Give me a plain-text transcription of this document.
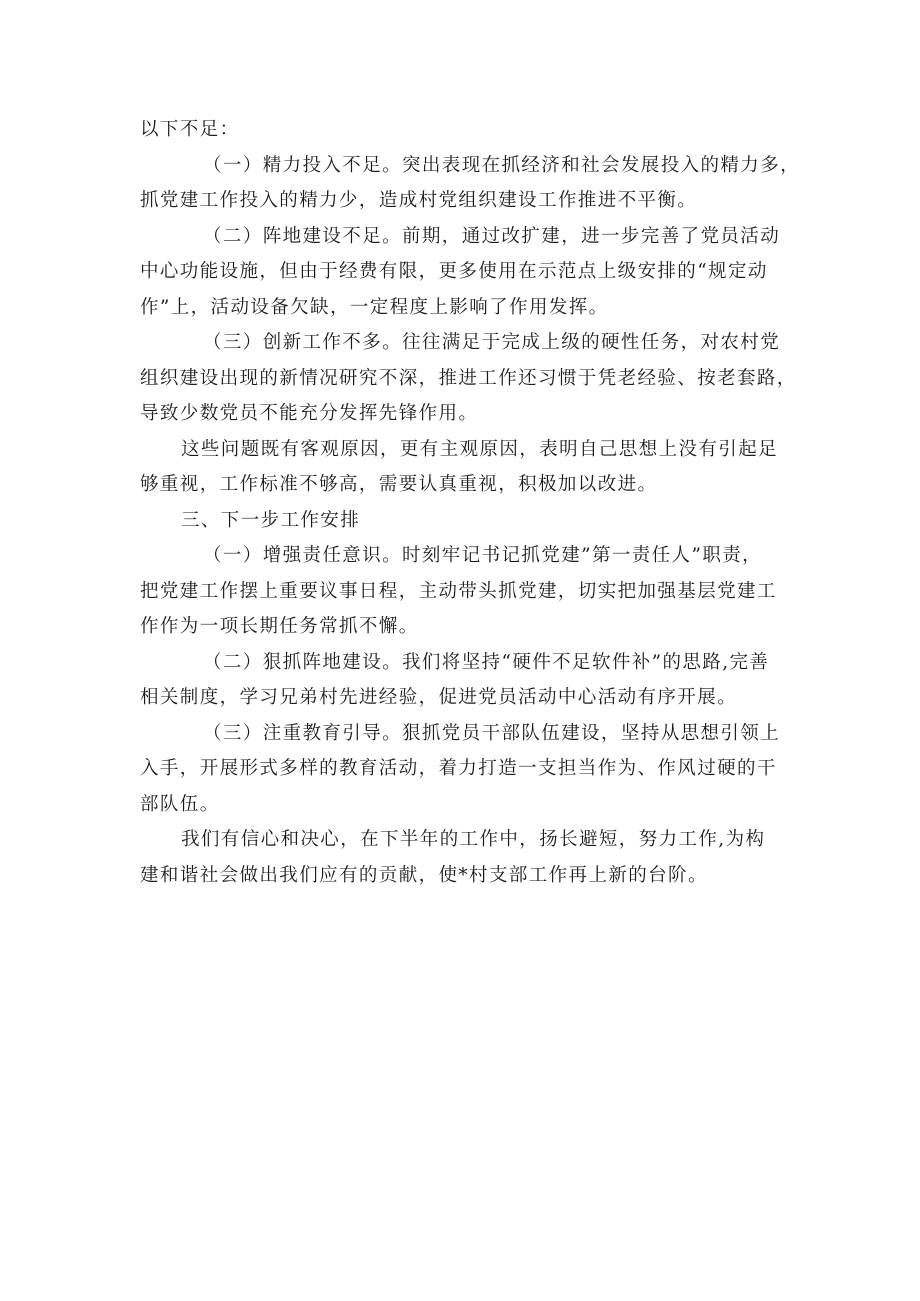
以下不足：
（一）精力投入不足。突出表现在抓经济和社会发展投入的精力多，
抓党建工作投入的精力少，造成村党组织建设工作推进不平衡。
（二）阵地建设不足。前期，通过改扩建，进一步完善了党员活动
中心功能设施，但由于经费有限，更多使用在示范点上级安排的“规定动
作”上，活动设备欠缺，一定程度上影响了作用发挥。
（三）创新工作不多。往往满足于完成上级的硬性任务，对农村党
组织建设出现的新情况研究不深，推进工作还习惯于凭老经验、按老套路，
导致少数党员不能充分发挥先锋作用。
这些问题既有客观原因，更有主观原因，表明自己思想上没有引起足
够重视，工作标准不够高，需要认真重视，积极加以改进。
三、下一步工作安排
（一）增强责任意识。时刻牢记书记抓党建”第一责任人”职责，
把党建工作摆上重要议事日程，主动带头抓党建，切实把加强基层党建工
作作为一项长期任务常抓不懈。
（二）狠抓阵地建设。我们将坚持“硬件不足软件补”的思路,完善
相关制度，学习兄弟村先进经验，促进党员活动中心活动有序开展。
（三）注重教育引导。狠抓党员干部队伍建设，坚持从思想引领上
入手，开展形式多样的教育活动，着力打造一支担当作为、作风过硬的干
部队伍。
我们有信心和决心，在下半年的工作中，扬长避短，努力工作,为构
建和谐社会做出我们应有的贡献，使*村支部工作再上新的台阶。
